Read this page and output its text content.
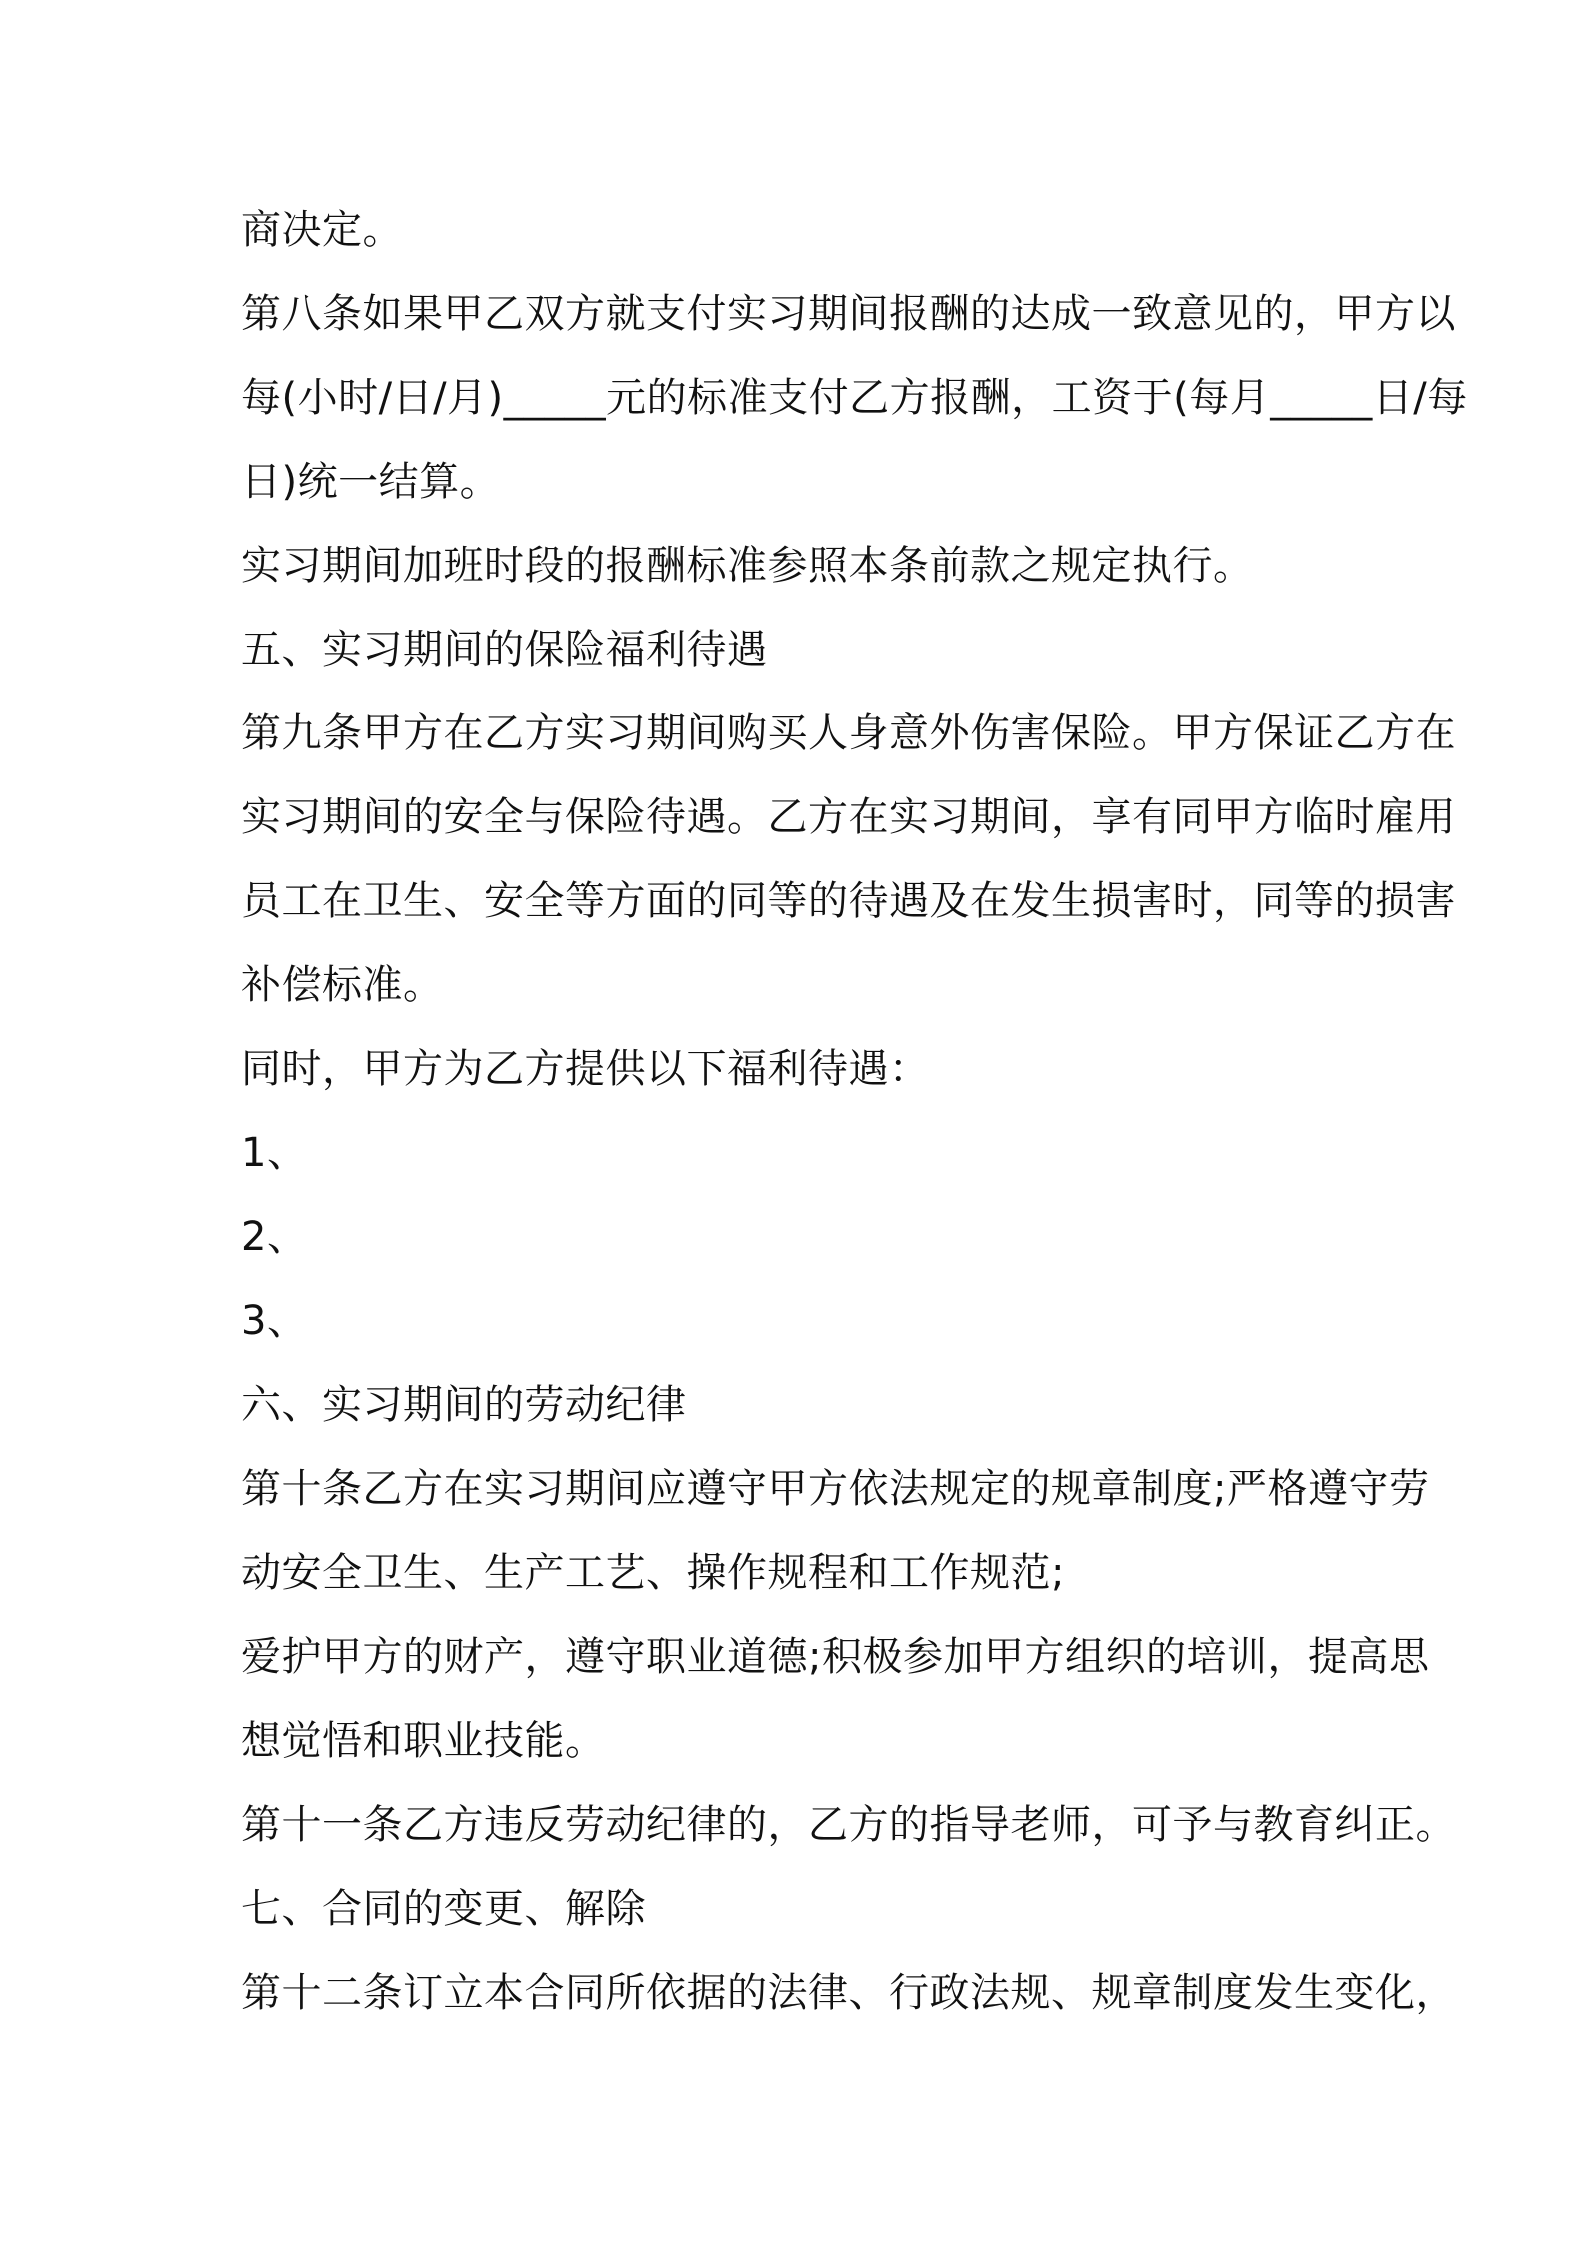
商决定。
第八条如果甲乙双方就支付实习期间报酬的达成一致意见的，甲方以
每(小时/日/月)_____元的标准支付乙方报酬，工资于(每月_____日/每
日)统一结算。
实习期间加班时段的报酬标准参照本条前款之规定执行。
五、实习期间的保险福利待遇
第九条甲方在乙方实习期间购买人身意外伤害保险。甲方保证乙方在
实习期间的安全与保险待遇。乙方在实习期间，享有同甲方临时雇用
员工在卫生、安全等方面的同等的待遇及在发生损害时，同等的损害
补偿标准。
同时，甲方为乙方提供以下福利待遇：
1、
2、
3、
六、实习期间的劳动纪律
第十条乙方在实习期间应遵守甲方依法规定的规章制度;严格遵守劳
动安全卫生、生产工艺、操作规程和工作规范;
爱护甲方的财产，遵守职业道德;积极参加甲方组织的培训，提高思
想觉悟和职业技能。
第十一条乙方违反劳动纪律的，乙方的指导老师，可予与教育纠正。
七、合同的变更、解除
第十二条订立本合同所依据的法律、行政法规、规章制度发生变化，
